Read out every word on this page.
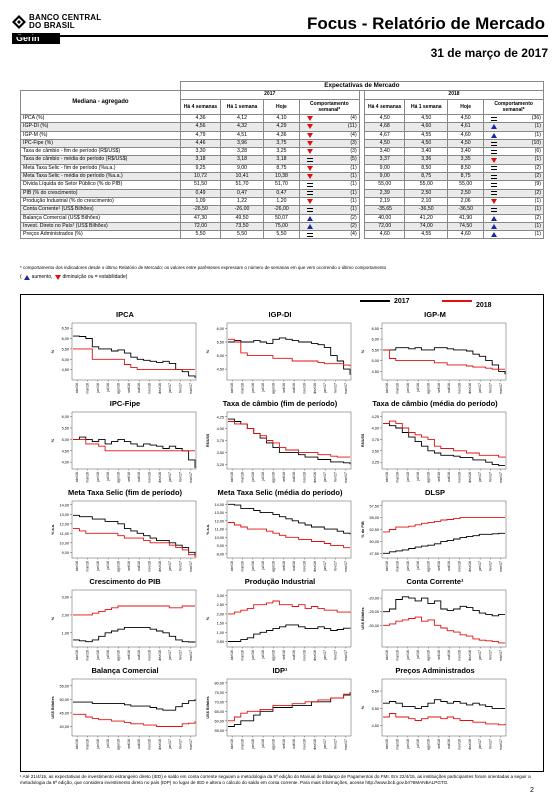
BANCO CENTRAL
DO BRASIL
Gerin
Focus - Relatório de Mercado
31 de março de 2017
	Expectativas de Mercado								
Mediana - agregado	2017					2018			
	Há 4 semanas	Há 1 semana	Hoje	Comportamento semanal*		Há 4 semanas	Há 1 semana	Hoje	Comportamento semanal*
IPCA (%)	4,36	4,12	4,10	(4)		4,50	4,50	4,50	(36)

IGP-DI (%)	4,56	4,32	4,29	(11)		4,68	4,60	4,61	(1)

IGP-M (%)	4,79	4,51	4,36	(4)		4,67	4,55	4,60	(1)

IPC-Fipe (%)	4,46	3,96	3,75	(3)		4,50	4,50	4,50	(10)

Taxa de câmbio - fim de período (R$/US$)	3,30	3,28	3,25	(3)		3,40	3,40	3,40	(6)

Taxa de câmbio - média do período (R$/US$)	3,18	3,18	3,18	(5)		3,37	3,36	3,35	(1)

Meta Taxa Selic - fim de período (%a.a.)	9,25	9,00	8,75	(1)		9,00	8,50	8,50	(2)

Meta Taxa Selic - média do período (%a.a.)	10,72	10,41	10,38	(1)		9,00	8,75	8,75	(2)

Dívida Líquida do Setor Público (% do PIB)	51,50	51,70	51,70	(1)		55,00	55,00	55,00	(9)

PIB (% do crescimento)	0,49	0,47	0,47	(1)		2,39	2,50	2,50	(2)

Produção Industrial (% do crescimento)	1,09	1,22	1,20	(1)		2,19	2,10	2,06	(1)

Conta Corrente¹ (US$ Bilhões)	-26,50	-26,00	-26,00	(1)		-35,65	-36,50	-36,50	(1)

Balança Comercial (US$ Bilhões)	47,30	49,50	50,07	(2)		40,00	41,20	41,90	(2)

Invest. Direto no País¹ (US$ Bilhões)	72,00	73,50	75,00	(2)		72,00	74,00	74,50	(1)

Preços Administrados (%)	5,50	5,50	5,50	(4)		4,60	4,55	4,60	(1)
* comportamento dos indicadores desde o último Relatório de Mercado; os valores entre parênteses expressam o número de semanas em que vem ocorrendo o último comportamento
( aumento, diminuição ou
= estabilidade)
2017
2018
IPCA
4,50
5,00
5,50
6,00
6,50
%
abr/16 mai/16 jun/16 jul/16 ago/16 set/16 out/16 nov/16 dez/16 jan/17 fev/17 mar/17
IGP-DI
4,50
5,00
5,50
6,00
%
abr/16 mai/16 jun/16 jul/16 ago/16 set/16 out/16 nov/16 dez/16 jan/17 fev/17 mar/17
IGP-M
4,50
5,00
5,50
6,00
6,50
%
abr/16 mai/16 jun/16 jul/16 ago/16 set/16 out/16 nov/16 dez/16 jan/17 fev/17 mar/17
IPC-Fipe
4,00
4,50
5,00
5,50
6,00
%
abr/16 mai/16 jun/16 jul/16 ago/16 set/16 out/16 nov/16 dez/16 jan/17 fev/17 mar/17
Taxa de câmbio (fim de período)
3,25
3,50
3,75
4,00
4,25
R$/US$
abr/16 mai/16 jun/16 jul/16 ago/16 set/16 out/16 nov/16 dez/16 jan/17 fev/17 mar/17
Taxa de câmbio (média do período)
3,25
3,50
3,75
4,00
4,25
R$/US$
abr/16 mai/16 jun/16 jul/16 ago/16 set/16 out/16 nov/16 dez/16 jan/17 fev/17 mar/17
Meta Taxa Selic (fim de período)
9,00
10,00
11,00
12,00
13,00
14,00
% a.a.
abr/16 mai/16 jun/16 jul/16 ago/16 set/16 out/16 nov/16 dez/16 jan/17 fev/17 mar/17
Meta Taxa Selic (média do período)
8,00
9,00
10,00
11,00
12,00
13,00
14,00
% a.a.
abr/16 mai/16 jun/16 jul/16 ago/16 set/16 out/16 nov/16 dez/16 jan/17 fev/17 mar/17
DLSP
47,50
50,00
52,50
55,00
57,50
% do PIB
abr/16 mai/16 jun/16 jul/16 ago/16 set/16 out/16 nov/16 dez/16 jan/17 fev/17 mar/17
Crescimento do PIB
1,00
2,00
3,00
%
abr/16 mai/16 jun/16 jul/16 ago/16 set/16 out/16 nov/16 dez/16 jan/17 fev/17 mar/17
Produção Industrial
0,50
1,00
1,50
2,00
2,50
3,00
%
abr/16 mai/16 jun/16 jul/16 ago/16 set/16 out/16 nov/16 dez/16 jan/17 fev/17 mar/17
Conta Corrente¹
-30,00
-25,00
-20,00
US$ Bilhões
abr/16 mai/16 jun/16 jul/16 ago/16 set/16 out/16 nov/16 dez/16 jan/17 fev/17 mar/17
Balança Comercial
40,00
45,00
50,00
55,00
US$ Bilhões
abr/16 mai/16 jun/16 jul/16 ago/16 set/16 out/16 nov/16 dez/16 jan/17 fev/17 mar/17
IDP¹
55,00
60,00
65,00
70,00
75,00
80,00
US$ Bilhões
abr/16 mai/16 jun/16 jul/16 ago/16 set/16 out/16 nov/16 dez/16 jan/17 fev/17 mar/17
Preços Administrados
4,50
5,50
6,50
%
abr/16 mai/16 jun/16 jul/16 ago/16 set/16 out/16 nov/16 dez/16 jan/17 fev/17 mar/17
¹ Até 21/4/15, as expectativas de investimento estrangeiro direto (IED) e saldo em conta corrente seguiam a metodologia da 5ª edição do Manual de Balanço de Pagamentos do FMI. Em 22/4/15, as instituições participantes foram orientadas a seguir a metodologia da 6ª edição, que considera investimento direto no país (IDP) no lugar de IED e altera o cálculo do saldo em conta corrente. Para mais informações, acesse http://www.bcb.gov.br/?6MANBALPGTO.
2
